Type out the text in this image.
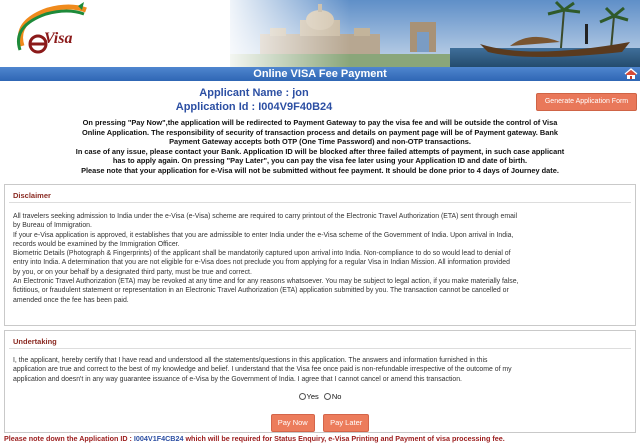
Visa
Online VISA Fee Payment
Applicant Name : jon
Application Id : I004V9F40B24	Generate Application Form
On pressing "Pay Now",the application will be redirected to Payment Gateway to pay the visa fee and will be outside the control of Visa
Online Application. The responsibility of security of transaction process and details on payment page will be of Payment gateway. Bank
Payment Gateway accepts both OTP (One Time Password) and non-OTP transactions.
In case of any issue, please contact your Bank. Application ID will be blocked after three failed attempts of payment, in such case applicant
has to apply again. On pressing "Pay Later", you can pay the visa fee later using your Application ID and date of birth.
Please note that your application for e-Visa will not be submitted without fee payment. It should be done prior to 4 days of Journey date.
Disclaimer
All travelers seeking admission to India under the e-Visa (e-Visa) scheme are required to carry printout of the Electronic Travel Authorization (ETA) sent through email
by Bureau of Immigration.
If your e-Visa application is approved, it establishes that you are admissible to enter India under the e-Visa scheme of the Government of India. Upon arrival in India,
records would be examined by the Immigration Officer.
Biometric Details (Photograph & Fingerprints) of the applicant shall be mandatorily captured upon arrival into India. Non-compliance to do so would lead to denial of
entry into India. A determination that you are not eligible for e-Visa does not preclude you from applying for a regular Visa in Indian Mission. All information provided
by you, or on your behalf by a designated third party, must be true and correct.
An Electronic Travel Authorization (ETA) may be revoked at any time and for any reasons whatsoever. You may be subject to legal action, if you make materially false,
fictitious, or fraudulent statement or representation in an Electronic Travel Authorization (ETA) application submitted by you. The transaction cannot be cancelled or
amended once the fee has been paid.
Undertaking
I, the applicant, hereby certify that I have read and understood all the statements/questions in this application. The answers and information furnished in this
application are true and correct to the best of my knowledge and belief. I understand that the Visa fee once paid is non-refundable irrespective of the outcome of my
application and doesn't in any way guarantee issuance of e-Visa by the Government of India. I agree that I cannot cancel or amend this transaction.
Yes No
Pay Now	Pay Later
Please note down the Application ID : I004V1F4CB24 which will be required for Status Enquiry, e-Visa Printing and Payment of visa processing fee.
